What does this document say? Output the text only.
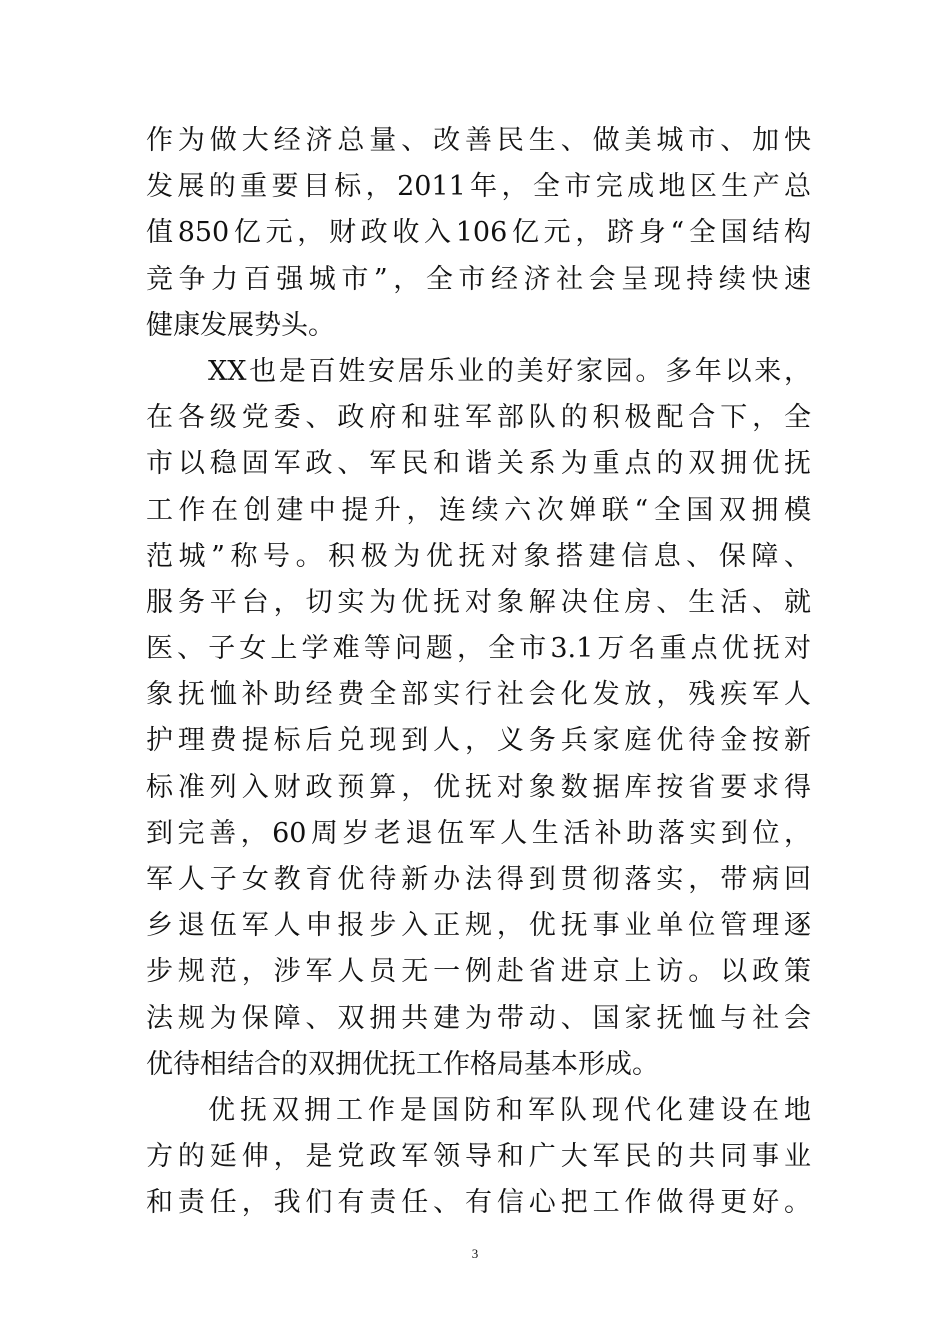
作为做大经济总量、改善民生、做美城市、加快
发展的重要目标，2011年，全市完成地区生产总
值850亿元，财政收入106亿元，跻身“全国结构
竞争力百强城市”，全市经济社会呈现持续快速
健康发展势头。
XX也是百姓安居乐业的美好家园。多年以来，
在各级党委、政府和驻军部队的积极配合下，全
市以稳固军政、军民和谐关系为重点的双拥优抚
工作在创建中提升，连续六次婵联“全国双拥模
范城”称号。积极为优抚对象搭建信息、保障、
服务平台，切实为优抚对象解决住房、生活、就
医、子女上学难等问题，全市3.1万名重点优抚对
象抚恤补助经费全部实行社会化发放，残疾军人
护理费提标后兑现到人，义务兵家庭优待金按新
标准列入财政预算，优抚对象数据库按省要求得
到完善，60周岁老退伍军人生活补助落实到位，
军人子女教育优待新办法得到贯彻落实，带病回
乡退伍军人申报步入正规，优抚事业单位管理逐
步规范，涉军人员无一例赴省进京上访。以政策
法规为保障、双拥共建为带动、国家抚恤与社会
优待相结合的双拥优抚工作格局基本形成。
优抚双拥工作是国防和军队现代化建设在地
方的延伸，是党政军领导和广大军民的共同事业
和责任，我们有责任、有信心把工作做得更好。
3
